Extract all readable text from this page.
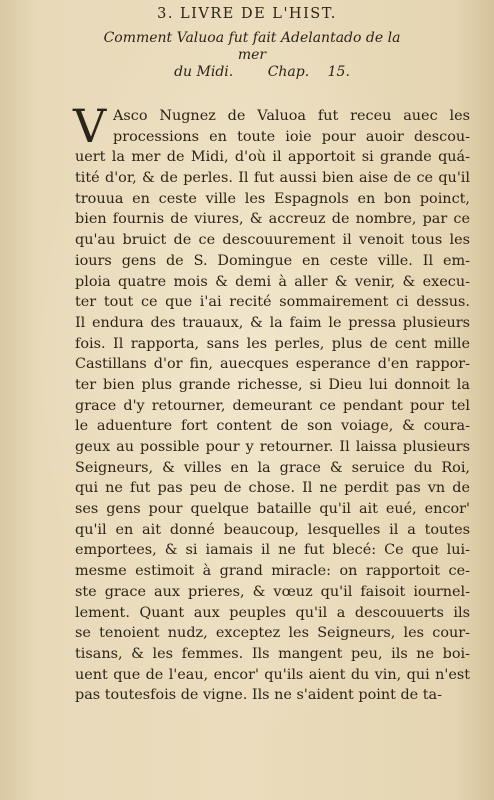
3. LIVRE DE L'HIST.
Comment Valuoa fut fait Adelantado de la mer
du Midi. Chap. 15.
V Asco Nugnez de Valuoa fut receu auec les
processions en toute ioie pour auoir descou-
uert la mer de Midi, d'où il apportoit si grande quá-
tité d'or, & de perles. Il fut aussi bien aise de ce qu'il
trouua en ceste ville les Espagnols en bon poinct,
bien fournis de viures, & accreuz de nombre, par ce
qu'au bruict de ce descouurement il venoit tous les
iours gens de S. Domingue en ceste ville. Il em-
ploia quatre mois & demi à aller & venir, & execu-
ter tout ce que i'ai recité sommairement ci dessus.
Il endura des trauaux, & la faim le pressa plusieurs
fois. Il rapporta, sans les perles, plus de cent mille
Castillans d'or fin, auecques esperance d'en rappor-
ter bien plus grande richesse, si Dieu lui donnoit la
grace d'y retourner, demeurant ce pendant pour tel
le aduenture fort content de son voiage, & coura-
geux au possible pour y retourner. Il laissa plusieurs
Seigneurs, & villes en la grace & seruice du Roi,
qui ne fut pas peu de chose. Il ne perdit pas vn de
ses gens pour quelque bataille qu'il ait eué, encor'
qu'il en ait donné beaucoup, lesquelles il a toutes
emportees, & si iamais il ne fut blecé: Ce que lui-
mesme estimoit à grand miracle: on rapportoit ce-
ste grace aux prieres, & vœuz qu'il faisoit iournel-
lement. Quant aux peuples qu'il a descouuerts ils
se tenoient nudz, exceptez les Seigneurs, les cour-
tisans, & les femmes. Ils mangent peu, ils ne boi-
uent que de l'eau, encor' qu'ils aient du vin, qui n'est
pas toutesfois de vigne. Ils ne s'aident point de ta-
